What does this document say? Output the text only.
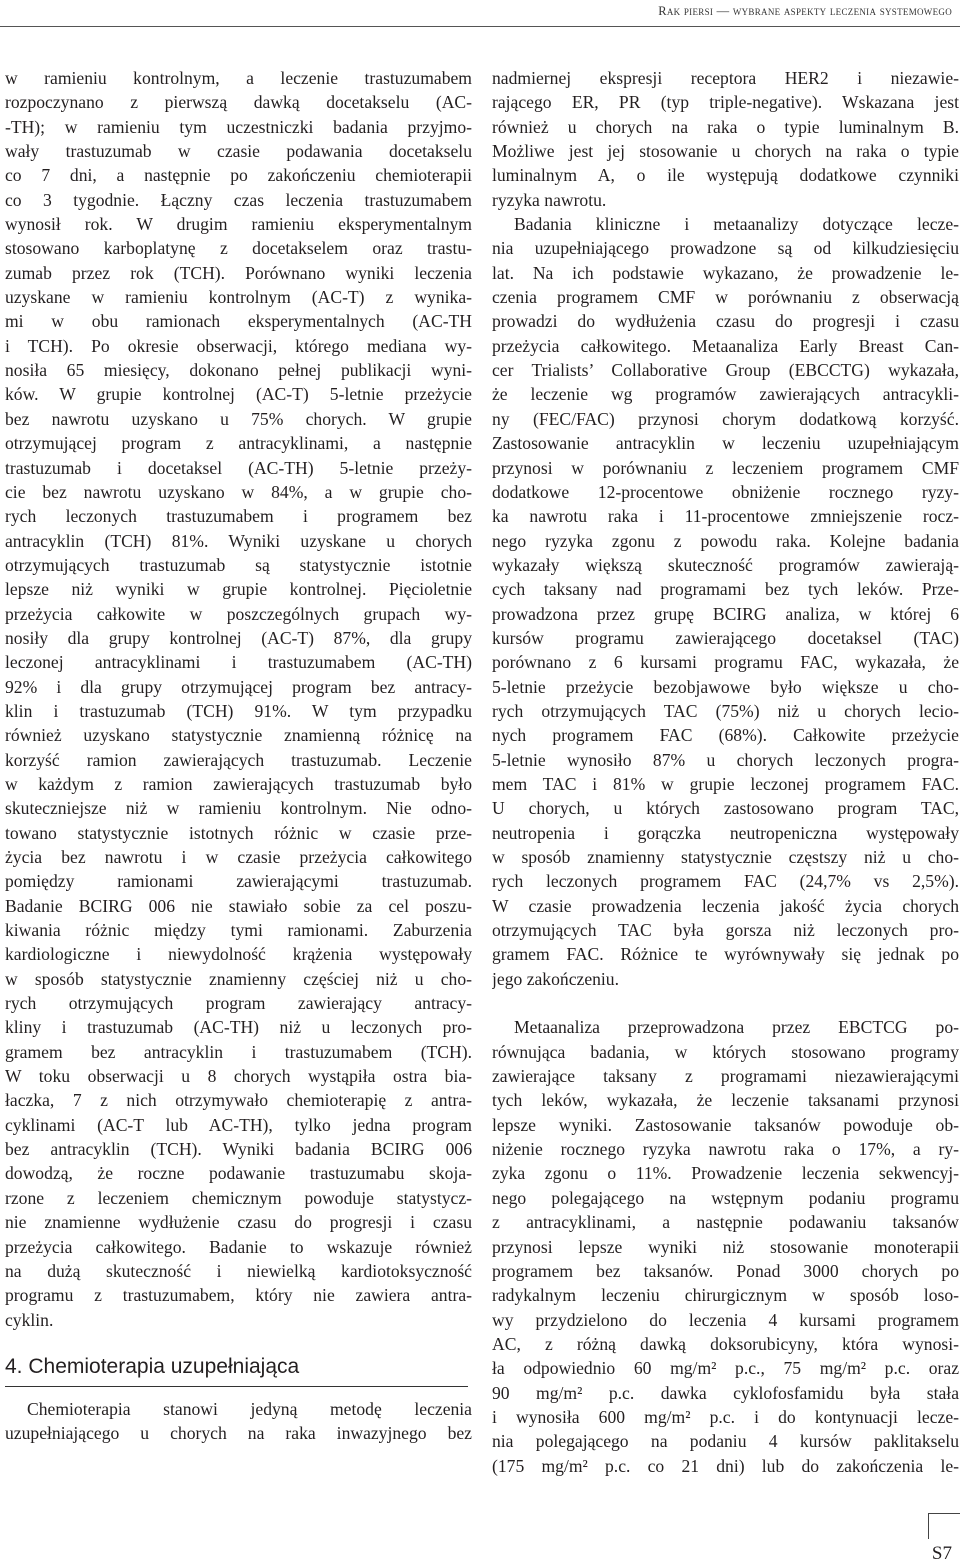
Rak piersi — wybrane aspekty leczenia systemowego
w ramieniu kontrolnym, a leczenie trastuzumabem
rozpoczynano z pierwszą dawką docetakselu (AC-
-TH); w ramieniu tym uczestniczki badania przyjmo-
wały trastuzumab w czasie podawania docetakselu
co 7 dni, a następnie po zakończeniu chemioterapii
co 3 tygodnie. Łączny czas leczenia trastuzumabem
wynosił rok. W drugim ramieniu eksperymentalnym
stosowano karboplatynę z docetakselem oraz trastu-
zumab przez rok (TCH). Porównano wyniki leczenia
uzyskane w ramieniu kontrolnym (AC-T) z wynika-
mi w obu ramionach eksperymentalnych (AC-TH
i TCH). Po okresie obserwacji, którego mediana wy-
nosiła 65 miesięcy, dokonano pełnej publikacji wyni-
ków. W grupie kontrolnej (AC-T) 5-letnie przeżycie
bez nawrotu uzyskano u 75% chorych. W grupie
otrzymującej program z antracyklinami, a następnie
trastuzumab i docetaksel (AC-TH) 5-letnie przeży-
cie bez nawrotu uzyskano w 84%, a w grupie cho-
rych leczonych trastuzumabem i programem bez
antracyklin (TCH) 81%. Wyniki uzyskane u chorych
otrzymujących trastuzumab są statystycznie istotnie
lepsze niż wyniki w grupie kontrolnej. Pięcioletnie
przeżycia całkowite w poszczególnych grupach wy-
nosiły dla grupy kontrolnej (AC-T) 87%, dla grupy
leczonej antracyklinami i trastuzumabem (AC-TH)
92% i dla grupy otrzymującej program bez antracy-
klin i trastuzumab (TCH) 91%. W tym przypadku
również uzyskano statystycznie znamienną różnicę na
korzyść ramion zawierających trastuzumab. Leczenie
w każdym z ramion zawierających trastuzumab było
skuteczniejsze niż w ramieniu kontrolnym. Nie odno-
towano statystycznie istotnych różnic w czasie prze-
życia bez nawrotu i w czasie przeżycia całkowitego
pomiędzy ramionami zawierającymi trastuzumab.
Badanie BCIRG 006 nie stawiało sobie za cel poszu-
kiwania różnic między tymi ramionami. Zaburzenia
kardiologiczne i niewydolność krążenia występowały
w sposób statystycznie znamienny częściej niż u cho-
rych otrzymujących program zawierający antracy-
kliny i trastuzumab (AC-TH) niż u leczonych pro-
gramem bez antracyklin i trastuzumabem (TCH).
W toku obserwacji u 8 chorych wystąpiła ostra bia-
łaczka, 7 z nich otrzymywało chemioterapię z antra-
cyklinami (AC-T lub AC-TH), tylko jedna program
bez antracyklin (TCH). Wyniki badania BCIRG 006
dowodzą, że roczne podawanie trastuzumabu skoja-
rzone z leczeniem chemicznym powoduje statystycz-
nie znamienne wydłużenie czasu do progresji i czasu
przeżycia całkowitego. Badanie to wskazuje również
na dużą skuteczność i niewielką kardiotoksyczność
programu z trastuzumabem, który nie zawiera antra-
cyklin.
4. Chemioterapia uzupełniająca
Chemioterapia stanowi jedyną metodę leczenia
uzupełniającego u chorych na raka inwazyjnego bez
nadmiernej ekspresji receptora HER2 i niezawie-
rającego ER, PR (typ triple-negative). Wskazana jest
również u chorych na raka o typie luminalnym B.
Możliwe jest jej stosowanie u chorych na raka o typie
luminalnym A, o ile występują dodatkowe czynniki
ryzyka nawrotu.
Badania kliniczne i metaanalizy dotyczące lecze-
nia uzupełniającego prowadzone są od kilkudziesięciu
lat. Na ich podstawie wykazano, że prowadzenie le-
czenia programem CMF w porównaniu z obserwacją
prowadzi do wydłużenia czasu do progresji i czasu
przeżycia całkowitego. Metaanaliza Early Breast Can-
cer Trialists’ Collaborative Group (EBCCTG) wykazała,
że leczenie wg programów zawierających antracykli-
ny (FEC/FAC) przynosi chorym dodatkową korzyść.
Zastosowanie antracyklin w leczeniu uzupełniającym
przynosi w porównaniu z leczeniem programem CMF
dodatkowe 12-procentowe obniżenie rocznego ryzy-
ka nawrotu raka i 11-procentowe zmniejszenie rocz-
nego ryzyka zgonu z powodu raka. Kolejne badania
wykazały większą skuteczność programów zawierają-
cych taksany nad programami bez tych leków. Prze-
prowadzona przez grupę BCIRG analiza, w której 6
kursów programu zawierającego docetaksel (TAC)
porównano z 6 kursami programu FAC, wykazała, że
5-letnie przeżycie bezobjawowe było większe u cho-
rych otrzymujących TAC (75%) niż u chorych lecio-
nych programem FAC (68%). Całkowite przeżycie
5-letnie wynosiło 87% u chorych leczonych progra-
mem TAC i 81% w grupie leczonej programem FAC.
U chorych, u których zastosowano program TAC,
neutropenia i gorączka neutropeniczna występowały
w sposób znamienny statystycznie częstszy niż u cho-
rych leczonych programem FAC (24,7% vs 2,5%).
W czasie prowadzenia leczenia jakość życia chorych
otrzymujących TAC była gorsza niż leczonych pro-
gramem FAC. Różnice te wyrównywały się jednak po
jego zakończeniu.
Metaanaliza przeprowadzona przez EBCTCG po-
równująca badania, w których stosowano programy
zawierające taksany z programami niezawierającymi
tych leków, wykazała, że leczenie taksanami przynosi
lepsze wyniki. Zastosowanie taksanów powoduje ob-
niżenie rocznego ryzyka nawrotu raka o 17%, a ry-
zyka zgonu o 11%. Prowadzenie leczenia sekwencyj-
nego polegającego na wstępnym podaniu programu
z antracyklinami, a następnie podawaniu taksanów
przynosi lepsze wyniki niż stosowanie monoterapii
programem bez taksanów. Ponad 3000 chorych po
radykalnym leczeniu chirurgicznym w sposób loso-
wy przydzielono do leczenia 4 kursami programem
AC, z różną dawką doksorubicyny, która wynosi-
ła odpowiednio 60 mg/m² p.c., 75 mg/m² p.c. oraz
90 mg/m² p.c. dawka cyklofosfamidu była stała
i wynosiła 600 mg/m² p.c. i do kontynuacji lecze-
nia polegającego na podaniu 4 kursów paklitakselu
(175 mg/m² p.c. co 21 dni) lub do zakończenia le-
S7
